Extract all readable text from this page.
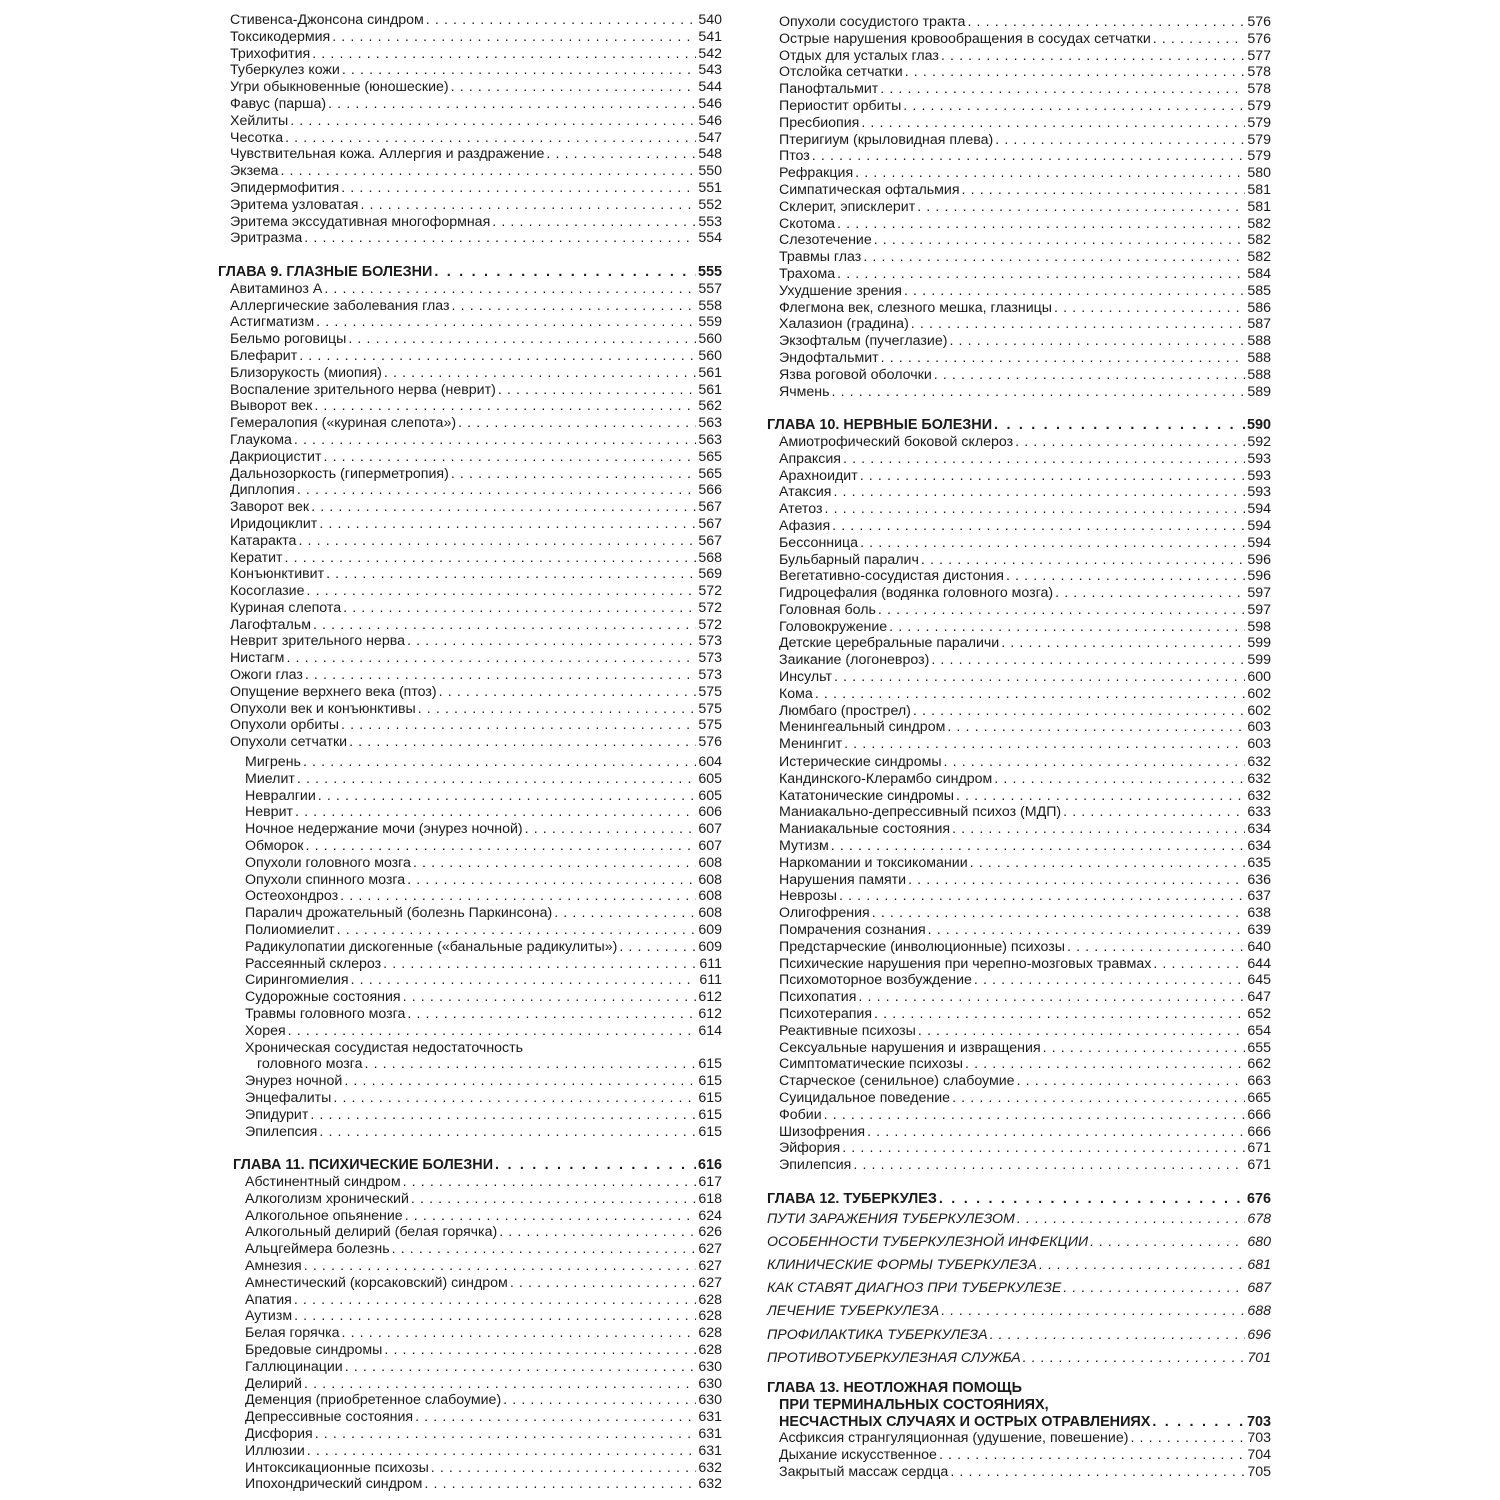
Стивенса-Джонсона синдром . . .	540
Токсикодермия . . .	541
Трихофития . . .	542
Туберкулез кожи . . .	543
Угри обыкновенные (юношеские) . . .	544
Фавус (парша) . . .	546
Хейлиты . . .	546
Чесотка . . .	547
Чувствительная кожа. Аллергия и раздражение . . .	548
Экзема . . .	550
Эпидермофития . . .	551
Эритема узловатая . . .	552
Эритема экссудативная многоформная . . .	553
Эритразма . . .	554
ГЛАВА 9. ГЛАЗНЫЕ БОЛЕЗНИ . . .	555
Авитаминоз А . . .	557
Аллергические заболевания глаз . . .	558
Астигматизм . . .	559
Бельмо роговицы . . .	560
Блефарит . . .	560
Близорукость (миопия) . . .	561
Воспаление зрительного нерва (неврит) . . .	561
Выворот век . . .	562
Гемералопия («куриная слепота») . . .	563
Глаукома . . .	563
Дакриоцистит . . .	565
Дальнозоркость (гиперметропия) . . .	565
Диплопия . . .	566
Заворот век . . .	567
Иридоциклит . . .	567
Катаракта . . .	567
Кератит . . .	568
Конъюнктивит . . .	569
Косоглазие . . .	572
Куриная слепота . . .	572
Лагофтальм . . .	572
Неврит зрительного нерва . . .	573
Нистагм . . .	573
Ожоги глаз . . .	573
Опущение верхнего века (птоз) . . .	575
Опухоли век и конъюнктивы . . .	575
Опухоли орбиты . . .	575
Опухоли сетчатки . . .	576
Мигрень . . .	604
Миелит . . .	605
Невралгии . . .	605
Неврит . . .	606
Ночное недержание мочи (энурез ночной) . . .	607
Обморок . . .	607
Опухоли головного мозга . . .	608
Опухоли спинного мозга . . .	608
Остеохондроз . . .	608
Паралич дрожательный (болезнь Паркинсона) . . .	608
Полиомиелит . . .	609
Радикулопатии дискогенные («банальные радикулиты») . . .	609
Рассеянный склероз . . .	611
Сирингомиелия . . .	611
Судорожные состояния . . .	612
Травмы головного мозга . . .	612
Хорея . . .	614
Хроническая сосудистая недостаточность
головного мозга . . .	615
Энурез ночной . . .	615
Энцефалиты . . .	615
Эпидурит . . .	615
Эпилепсия . . .	615
ГЛАВА 11. ПСИХИЧЕСКИЕ БОЛЕЗНИ . . .	616
Абстинентный синдром . . .	617
Алкоголизм хронический . . .	618
Алкогольное опьянение . . .	624
Алкогольный делирий (белая горячка) . . .	626
Альцгеймера болезнь . . .	627
Амнезия . . .	627
Амнестический (корсаковский) синдром . . .	627
Апатия . . .	628
Аутизм . . .	628
Белая горячка . . .	628
Бредовые синдромы . . .	628
Галлюцинации . . .	630
Делирий . . .	630
Деменция (приобретенное слабоумие) . . .	630
Депрессивные состояния . . .	631
Дисфория . . .	631
Иллюзии . . .	631
Интоксикационные психозы . . .	632
Ипохондрический синдром . . .	632
Опухоли сосудистого тракта . . .	576
Острые нарушения кровообращения в сосудах сетчатки . . .	576
Отдых для усталых глаз . . .	577
Отслойка сетчатки . . .	578
Панофтальмит . . .	578
Периостит орбиты . . .	579
Пресбиопия . . .	579
Птеригиум (крыловидная плева) . . .	579
Птоз . . .	579
Рефракция . . .	580
Симпатическая офтальмия . . .	581
Склерит, эписклерит . . .	581
Скотома . . .	582
Слезотечение . . .	582
Травмы глаз . . .	582
Трахома . . .	584
Ухудшение зрения . . .	585
Флегмона век, слезного мешка, глазницы . . .	586
Халазион (градина) . . .	587
Экзофтальм (пучеглазие) . . .	588
Эндофтальмит . . .	588
Язва роговой оболочки . . .	588
Ячмень . . .	589
ГЛАВА 10. НЕРВНЫЕ БОЛЕЗНИ . . .	590
Амиотрофический боковой склероз . . .	592
Апраксия . . .	593
Арахноидит . . .	593
Атаксия . . .	593
Атетоз . . .	594
Афазия . . .	594
Бессонница . . .	594
Бульбарный паралич . . .	596
Вегетативно-сосудистая дистония . . .	596
Гидроцефалия (водянка головного мозга) . . .	597
Головная боль . . .	597
Головокружение . . .	598
Детские церебральные параличи . . .	599
Заикание (логоневроз) . . .	599
Инсульт . . .	600
Кома . . .	602
Люмбаго (прострел) . . .	602
Менингеальный синдром . . .	603
Менингит . . .	603
Истерические синдромы . . .	632
Кандинского-Клерамбо синдром . . .	632
Кататонические синдромы . . .	632
Маниакально-депрессивный психоз (МДП) . . .	633
Маниакальные состояния . . .	634
Мутизм . . .	634
Наркомании и токсикомании . . .	635
Нарушения памяти . . .	636
Неврозы . . .	637
Олигофрения . . .	638
Помрачения сознания . . .	639
Предстарческие (инволюционные) психозы . . .	640
Психические нарушения при черепно-мозговых травмах . . .	644
Психомоторное возбуждение . . .	645
Психопатия . . .	647
Психотерапия . . .	652
Реактивные психозы . . .	654
Сексуальные нарушения и извращения . . .	655
Симптоматические психозы . . .	662
Старческое (сенильное) слабоумие . . .	663
Суицидальное поведение . . .	665
Фобии . . .	666
Шизофрения . . .	666
Эйфория . . .	671
Эпилепсия . . .	671
ГЛАВА 12. ТУБЕРКУЛЕЗ . . .	676
ПУТИ ЗАРАЖЕНИЯ ТУБЕРКУЛЕЗОМ . . .	678
ОСОБЕННОСТИ ТУБЕРКУЛЕЗНОЙ ИНФЕКЦИИ . . .	680
КЛИНИЧЕСКИЕ ФОРМЫ ТУБЕРКУЛЕЗА . . .	681
КАК СТАВЯТ ДИАГНОЗ ПРИ ТУБЕРКУЛЕЗЕ . . .	687
ЛЕЧЕНИЕ ТУБЕРКУЛЕЗА . . .	688
ПРОФИЛАКТИКА ТУБЕРКУЛЕЗА . . .	696
ПРОТИВОТУБЕРКУЛЕЗНАЯ СЛУЖБА . . .	701
ГЛАВА 13. НЕОТЛОЖНАЯ ПОМОЩЬ
ПРИ ТЕРМИНАЛЬНЫХ СОСТОЯНИЯХ,
НЕСЧАСТНЫХ СЛУЧАЯХ И ОСТРЫХ ОТРАВЛЕНИЯХ . . .	703
Асфиксия странгуляционная (удушение, повешение) . . .	703
Дыхание искусственное . . .	704
Закрытый массаж сердца . . .	705
